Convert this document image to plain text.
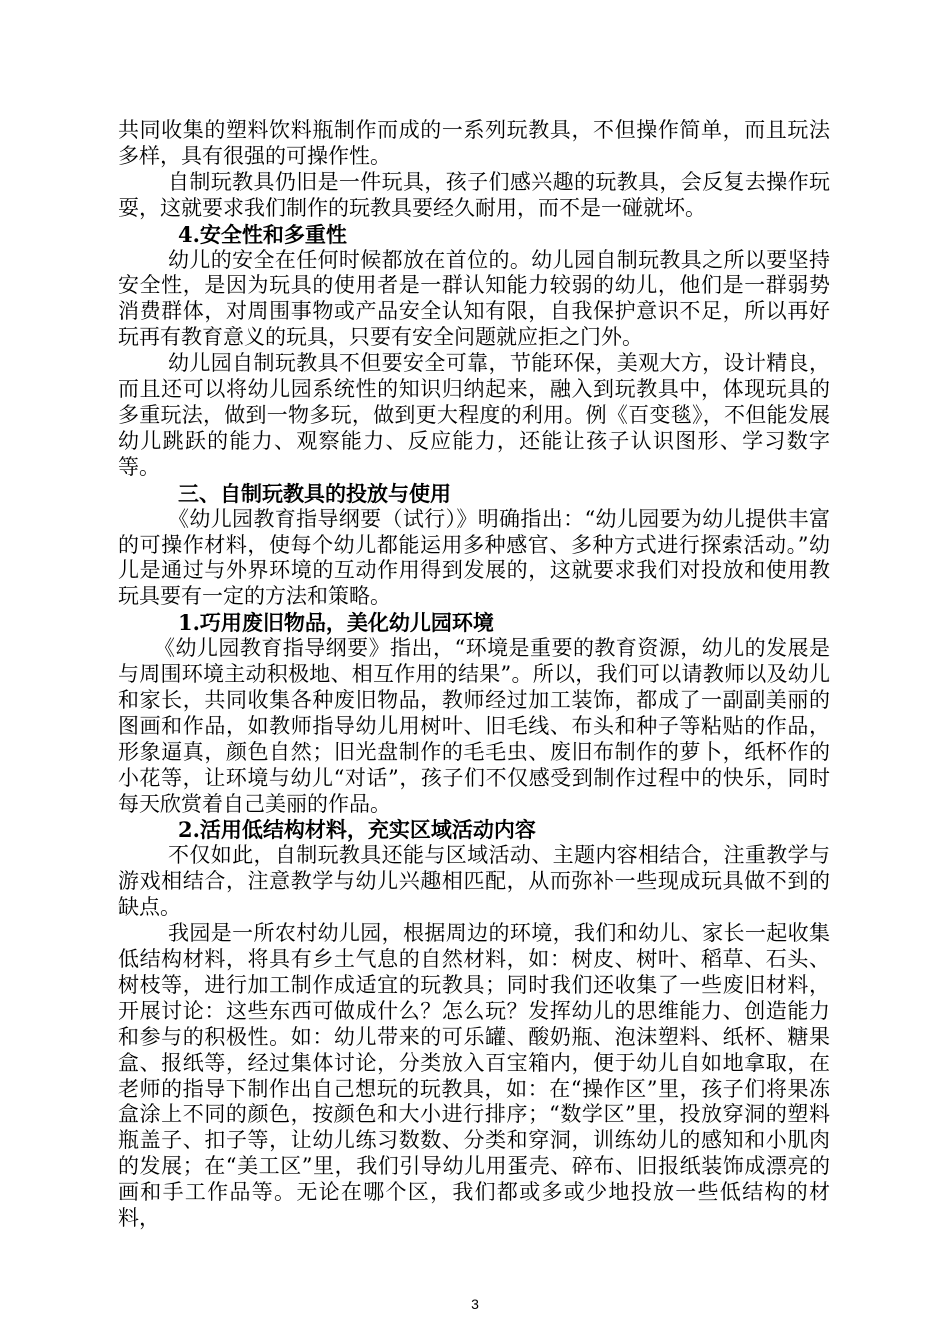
共同收集的塑料饮料瓶制作而成的一系列玩教具，不但操作简单，而且玩法多样，具有很强的可操作性。

自制玩教具仍旧是一件玩具，孩子们感兴趣的玩教具，会反复去操作玩耍，这就要求我们制作的玩教具要经久耐用，而不是一碰就坏。

4.安全性和多重性

幼儿的安全在任何时候都放在首位的。幼儿园自制玩教具之所以要坚持安全性，是因为玩具的使用者是一群认知能力较弱的幼儿，他们是一群弱势消费群体，对周围事物或产品安全认知有限，自我保护意识不足，所以再好玩再有教育意义的玩具，只要有安全问题就应拒之门外。

幼儿园自制玩教具不但要安全可靠，节能环保，美观大方，设计精良，而且还可以将幼儿园系统性的知识归纳起来，融入到玩教具中，体现玩具的多重玩法，做到一物多玩，做到更大程度的利用。例《百变毯》，不但能发展幼儿跳跃的能力、观察能力、反应能力，还能让孩子认识图形、学习数字等。

三、自制玩教具的投放与使用

《幼儿园教育指导纲要（试行）》明确指出：“幼儿园要为幼儿提供丰富的可操作材料，使每个幼儿都能运用多种感官、多种方式进行探索活动。”幼儿是通过与外界环境的互动作用得到发展的，这就要求我们对投放和使用教玩具要有一定的方法和策略。

1.巧用废旧物品，美化幼儿园环境

《幼儿园教育指导纲要》指出，“环境是重要的教育资源，幼儿的发展是与周围环境主动积极地、相互作用的结果”。所以，我们可以请教师以及幼儿和家长，共同收集各种废旧物品，教师经过加工装饰，都成了一副副美丽的图画和作品，如教师指导幼儿用树叶、旧毛线、布头和种子等粘贴的作品，形象逼真，颜色自然；旧光盘制作的毛毛虫、废旧布制作的萝卜，纸杯作的小花等，让环境与幼儿“对话”，孩子们不仅感受到制作过程中的快乐，同时每天欣赏着自己美丽的作品。

2.活用低结构材料，充实区域活动内容

不仅如此，自制玩教具还能与区域活动、主题内容相结合，注重教学与游戏相结合，注意教学与幼儿兴趣相匹配，从而弥补一些现成玩具做不到的缺点。

我园是一所农村幼儿园，根据周边的环境，我们和幼儿、家长一起收集低结构材料，将具有乡土气息的自然材料，如：树皮、树叶、稻草、石头、树枝等，进行加工制作成适宜的玩教具；同时我们还收集了一些废旧材料，开展讨论：这些东西可做成什么？怎么玩？发挥幼儿的思维能力、创造能力和参与的积极性。如：幼儿带来的可乐罐、酸奶瓶、泡沫塑料、纸杯、糖果盒、报纸等，经过集体讨论，分类放入百宝箱内，便于幼儿自如地拿取，在老师的指导下制作出自己想玩的玩教具，如：在“操作区”里，孩子们将果冻盒涂上不同的颜色，按颜色和大小进行排序；“数学区”里，投放穿洞的塑料瓶盖子、扣子等，让幼儿练习数数、分类和穿洞，训练幼儿的感知和小肌肉的发展；在“美工区”里，我们引导幼儿用蛋壳、碎布、旧报纸装饰成漂亮的画和手工作品等。无论在哪个区，我们都或多或少地投放一些低结构的材料，

3
